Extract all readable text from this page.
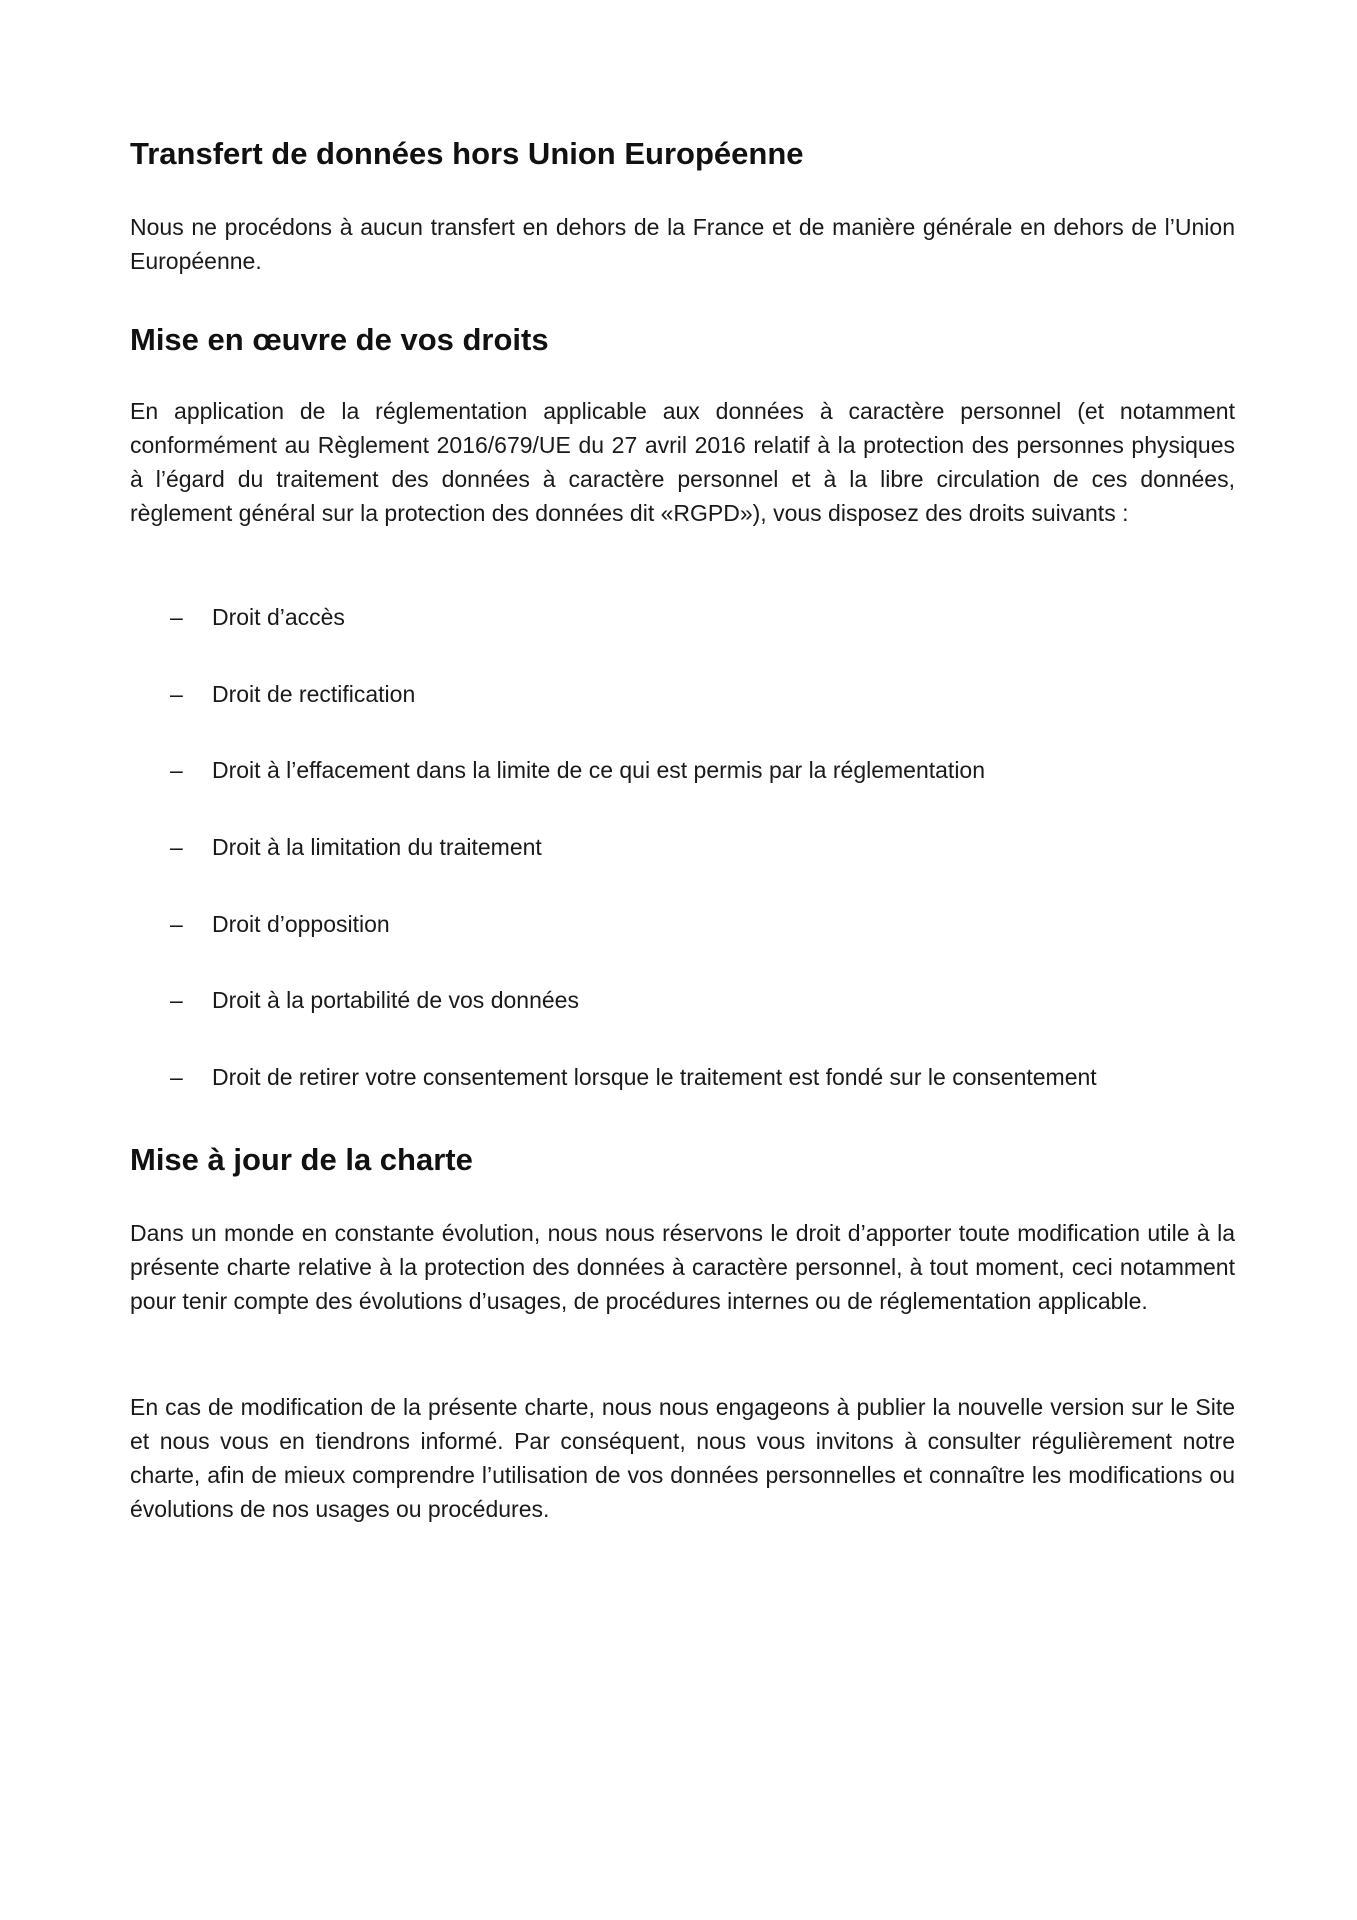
Transfert de données hors Union Européenne

Nous ne procédons à aucun transfert en dehors de la France et de manière générale en dehors de l’Union Européenne.

Mise en œuvre de vos droits

En application de la réglementation applicable aux données à caractère personnel (et notamment conformément au Règlement 2016/679/UE du 27 avril 2016 relatif à la protection des personnes physiques à l’égard du traitement des données à caractère personnel et à la libre circulation de ces données, règlement général sur la protection des données dit «RGPD»), vous disposez des droits suivants :

– Droit d’accès
– Droit de rectification
– Droit à l’effacement dans la limite de ce qui est permis par la réglementation
– Droit à la limitation du traitement
– Droit d’opposition
– Droit à la portabilité de vos données
– Droit de retirer votre consentement lorsque le traitement est fondé sur le consentement
Mise à jour de la charte

Dans un monde en constante évolution, nous nous réservons le droit d’apporter toute modification utile à la présente charte relative à la protection des données à caractère personnel, à tout moment, ceci notamment pour tenir compte des évolutions d’usages, de procédures internes ou de réglementation applicable.

En cas de modification de la présente charte, nous nous engageons à publier la nouvelle version sur le Site et nous vous en tiendrons informé. Par conséquent, nous vous invitons à consulter régulièrement notre charte, afin de mieux comprendre l’utilisation de vos données personnelles et connaître les modifications ou évolutions de nos usages ou procédures.
